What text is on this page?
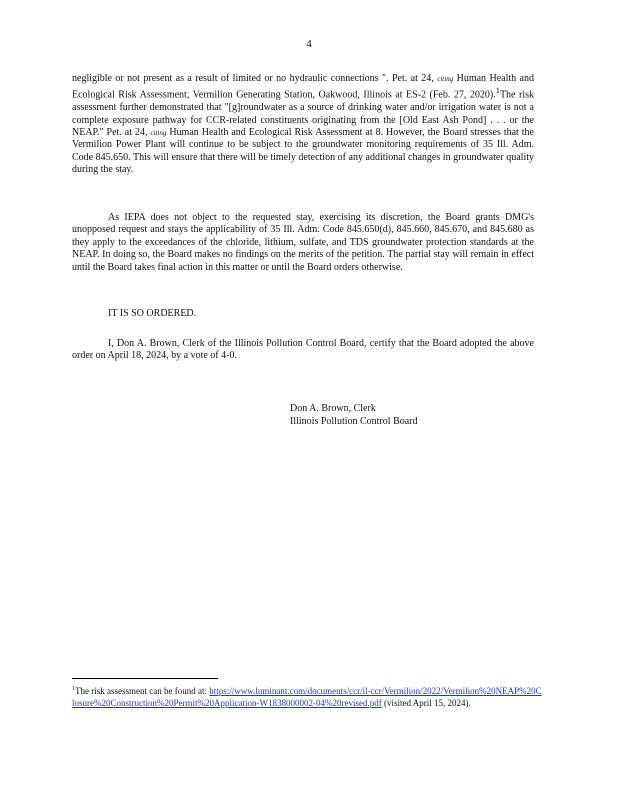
4
negligible or not present as a result of limited or no hydraulic connections ". Pet. at 24, citing Human Health and Ecological Risk Assessment, Vermilion Generating Station, Oakwood, Illinois at ES-2 (Feb. 27, 2020).$^1$The risk assessment further demonstrated that "[g]roundwater as a source of drinking water and/or irrigation water is not a complete exposure pathway for CCR-related constituents originating from the [Old East Ash Pond] . . . or the NEAP." Pet. at 24, citing Human Health and Ecological Risk Assessment at 8. However, the Board stresses that the Vermilion Power Plant will continue to be subject to the groundwater monitoring requirements of 35 Ill. Adm. Code 845.650. This will ensure that there will be timely detection of any additional changes in groundwater quality during the stay.
As IEPA does not object to the requested stay, exercising its discretion, the Board grants DMG's unopposed request and stays the applicability of 35 Ill. Adm. Code 845.650(d), 845.660, 845.670, and 845.680 as they apply to the exceedances of the chloride, lithium, sulfate, and TDS groundwater protection standards at the NEAP. In doing so, the Board makes no findings on the merits of the petition. The partial stay will remain in effect until the Board takes final action in this matter or until the Board orders otherwise.
IT IS SO ORDERED.
I, Don A. Brown, Clerk of the Illinois Pollution Control Board, certify that the Board adopted the above order on April 18, 2024, by a vote of 4-0.
Don A. Brown, Clerk
Illinois Pollution Control Board
$^1$The risk assessment can be found at: https://www.luminant.com/documents/ccr/il-ccr/Vermilion/2022/Vermilion%20NEAP%20Closure%20Construction%20Permit%20Application-W1838000002-04%20revised.pdf (visited April 15, 2024).
